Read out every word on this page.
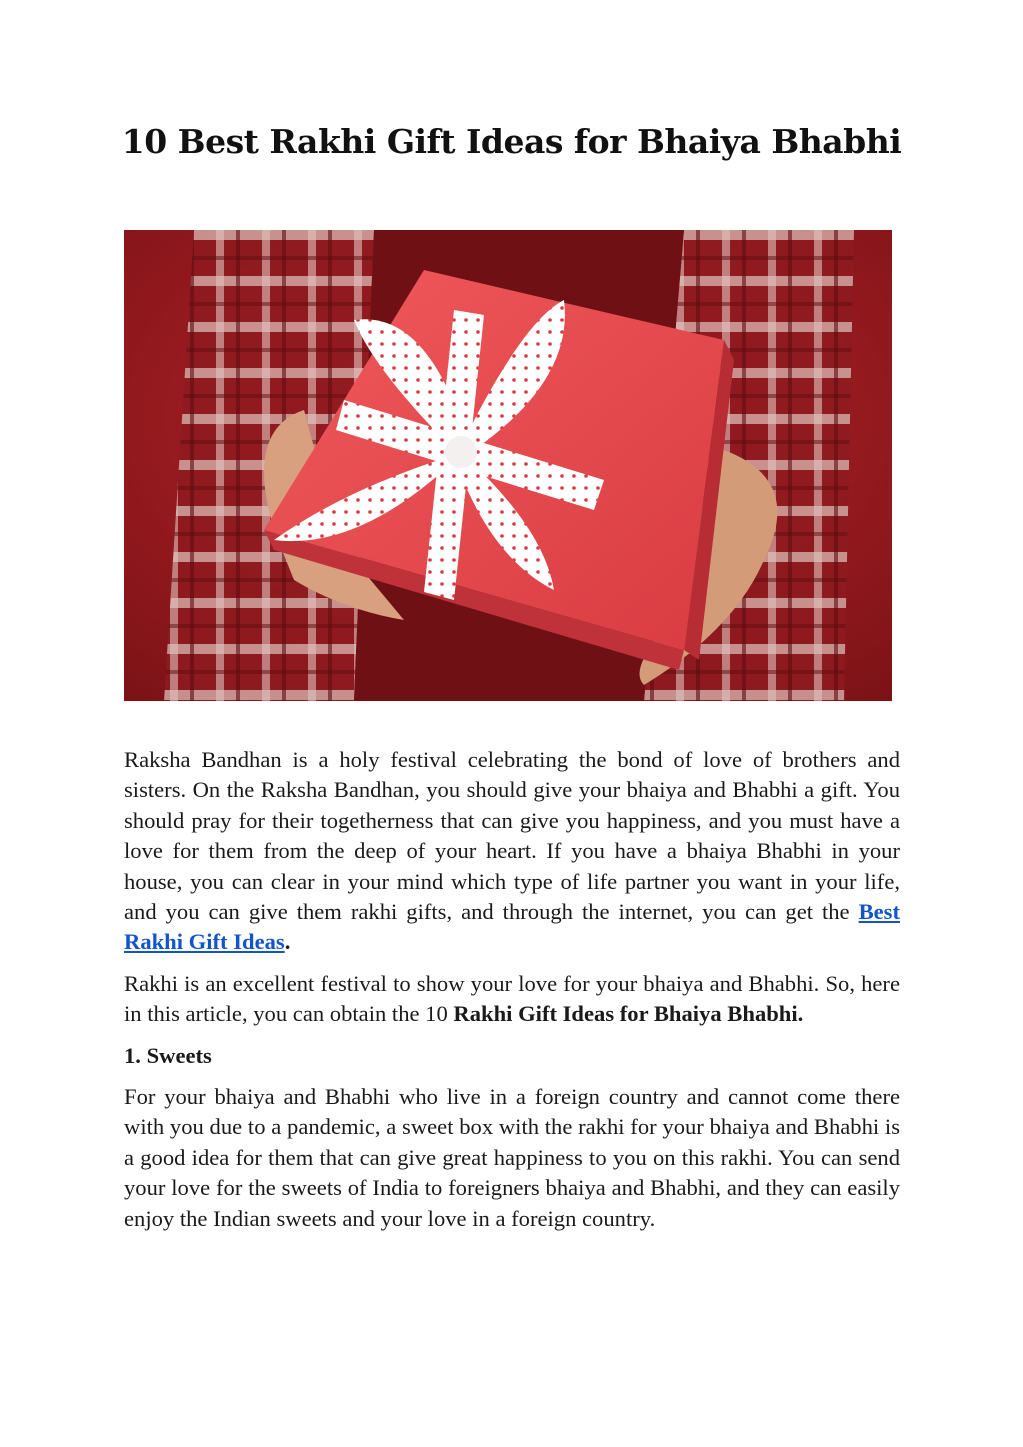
10 Best Rakhi Gift Ideas for Bhaiya Bhabhi

Raksha Bandhan is a holy festival celebrating the bond of love of brothers and sisters. On the Raksha Bandhan, you should give your bhaiya and Bhabhi a gift. You should pray for their togetherness that can give you happiness, and you must have a love for them from the deep of your heart. If you have a bhaiya Bhabhi in your house, you can clear in your mind which type of life partner you want in your life, and you can give them rakhi gifts, and through the internet, you can get the Best Rakhi Gift Ideas.

Rakhi is an excellent festival to show your love for your bhaiya and Bhabhi. So, here in this article, you can obtain the 10 Rakhi Gift Ideas for Bhaiya Bhabhi.

1. Sweets

For your bhaiya and Bhabhi who live in a foreign country and cannot come there with you due to a pandemic, a sweet box with the rakhi for your bhaiya and Bhabhi is a good idea for them that can give great happiness to you on this rakhi. You can send your love for the sweets of India to foreigners bhaiya and Bhabhi, and they can easily enjoy the Indian sweets and your love in a foreign country.
